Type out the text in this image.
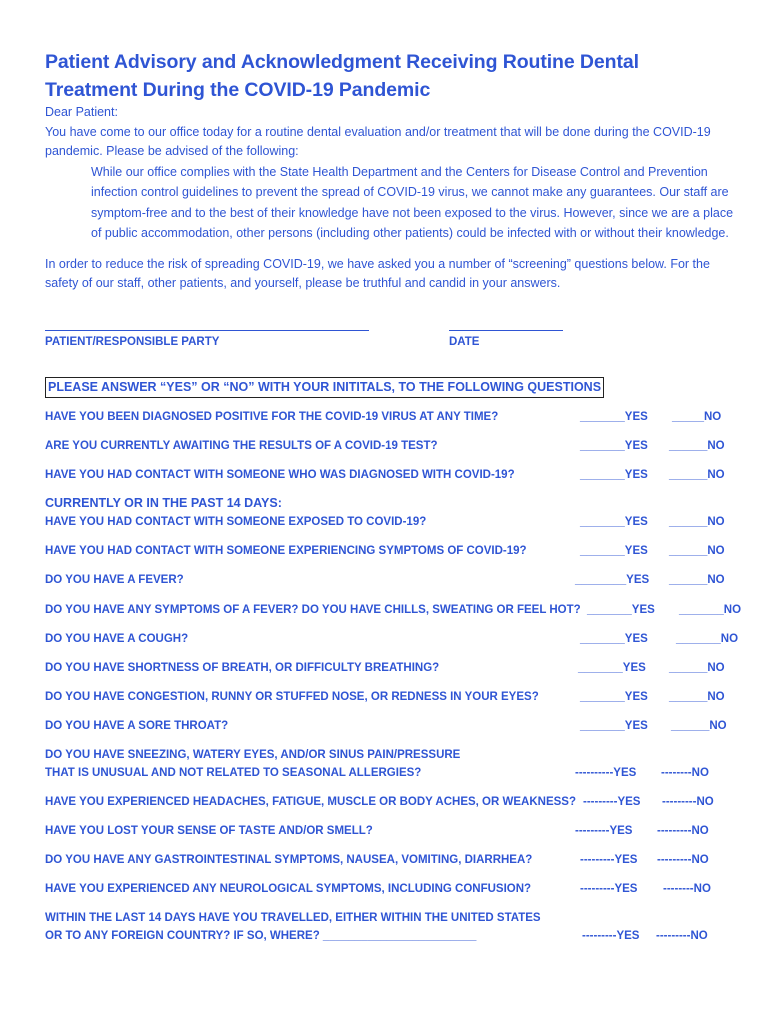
Patient Advisory and Acknowledgment Receiving Routine Dental Treatment During the COVID-19 Pandemic

Dear Patient:

You have come to our office today for a routine dental evaluation and/or treatment that will be done during the COVID-19 pandemic. Please be advised of the following:

While our office complies with the State Health Department and the Centers for Disease Control and Prevention infection control guidelines to prevent the spread of COVID-19 virus, we cannot make any guarantees. Our staff are symptom-free and to the best of their knowledge have not been exposed to the virus. However, since we are a place of public accommodation, other persons (including other patients) could be infected with or without their knowledge.

In order to reduce the risk of spreading COVID-19, we have asked you a number of “screening” questions below. For the safety of our staff, other patients, and yourself, please be truthful and candid in your answers.

PATIENT/RESPONSIBLE PARTY	DATE
PLEASE ANSWER “YES” OR “NO” WITH YOUR INITITALS, TO THE FOLLOWING QUESTIONS
CURRENTLY OR IN THE PAST 14 DAYS:
HAVE YOU BEEN DIAGNOSED POSITIVE FOR THE COVID-19 VIRUS AT ANY TIME?	_______YES _____NO
ARE YOU CURRENTLY AWAITING THE RESULTS OF A COVID-19 TEST?	_______YES ______NO
HAVE YOU HAD CONTACT WITH SOMEONE WHO WAS DIAGNOSED WITH COVID-19?	_______YES ______NO
HAVE YOU HAD CONTACT WITH SOMEONE EXPOSED TO COVID-19?	_______YES ______NO
HAVE YOU HAD CONTACT WITH SOMEONE EXPERIENCING SYMPTOMS OF COVID-19?	_______YES ______NO
DO YOU HAVE A FEVER?	________YES ______NO
DO YOU HAVE ANY SYMPTOMS OF A FEVER? DO YOU HAVE CHILLS, SWEATING OR FEEL HOT? _______YES _______NO
DO YOU HAVE A COUGH?	_______YES _______NO
DO YOU HAVE SHORTNESS OF BREATH, OR DIFFICULTY BREATHING?	_______YES ______NO
DO YOU HAVE CONGESTION, RUNNY OR STUFFED NOSE, OR REDNESS IN YOUR EYES?	_______YES ______NO
DO YOU HAVE A SORE THROAT?	_______YES ______NO
DO YOU HAVE SNEEZING, WATERY EYES, AND/OR SINUS PAIN/PRESSURE
THAT IS UNUSUAL AND NOT RELATED TO SEASONAL ALLERGIES?	----------YES --------NO
HAVE YOU EXPERIENCED HEADACHES, FATIGUE, MUSCLE OR BODY ACHES, OR WEAKNESS? ---------YES ---------NO
HAVE YOU LOST YOUR SENSE OF TASTE AND/OR SMELL?	---------YES ---------NO
DO YOU HAVE ANY GASTROINTESTINAL SYMPTOMS, NAUSEA, VOMITING, DIARRHEA?	---------YES ---------NO
HAVE YOU EXPERIENCED ANY NEUROLOGICAL SYMPTOMS, INCLUDING CONFUSION?	---------YES --------NO
WITHIN THE LAST 14 DAYS HAVE YOU TRAVELLED, EITHER WITHIN THE UNITED STATES
OR TO ANY FOREIGN COUNTRY? IF SO, WHERE? ________________________	---------YES ---------NO
